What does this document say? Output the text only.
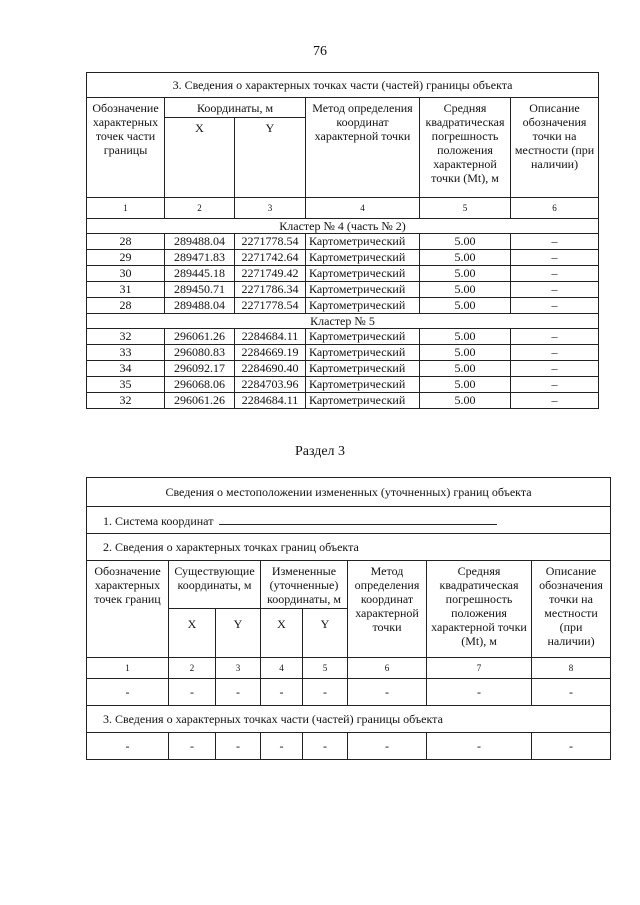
76
3. Сведения о характерных точках части (частей) границы объекта					
Обозначение характерных точек части границы	Координаты, м		Метод определения координат характерной точки	Средняя квадратическая погрешность положения характерной точки (Mt), м	Описание обозначения точки на местности (при наличии)
	X	Y			
1	2	3	4	5	6
Кластер № 4 (часть № 2)					
28	289488.04	2271778.54	Картометрический	5.00	–
29	289471.83	2271742.64	Картометрический	5.00	–
30	289445.18	2271749.42	Картометрический	5.00	–
31	289450.71	2271786.34	Картометрический	5.00	–
28	289488.04	2271778.54	Картометрический	5.00	–
Кластер № 5					
32	296061.26	2284684.11	Картометрический	5.00	–
33	296080.83	2284669.19	Картометрический	5.00	–
34	296092.17	2284690.40	Картометрический	5.00	–
35	296068.06	2284703.96	Картометрический	5.00	–
32	296061.26	2284684.11	Картометрический	5.00	–
Раздел 3
Сведения о местоположении измененных (уточненных) границ объекта							
1. Система координат							
2. Сведения о характерных точках границ объекта							
Обозначение характерных точек границ	Существующие координаты, м		Измененные (уточненные) координаты, м		Метод определения координат характерной точки	Средняя квадратическая погрешность положения характерной точки (Mt), м	Описание обозначения точки на местности (при наличии)
	X	Y	X	Y			
1	2	3	4	5	6	7	8
-	-	-	-	-	-	-	-
3. Сведения о характерных точках части (частей) границы объекта							
-	-	-	-	-	-	-	-
